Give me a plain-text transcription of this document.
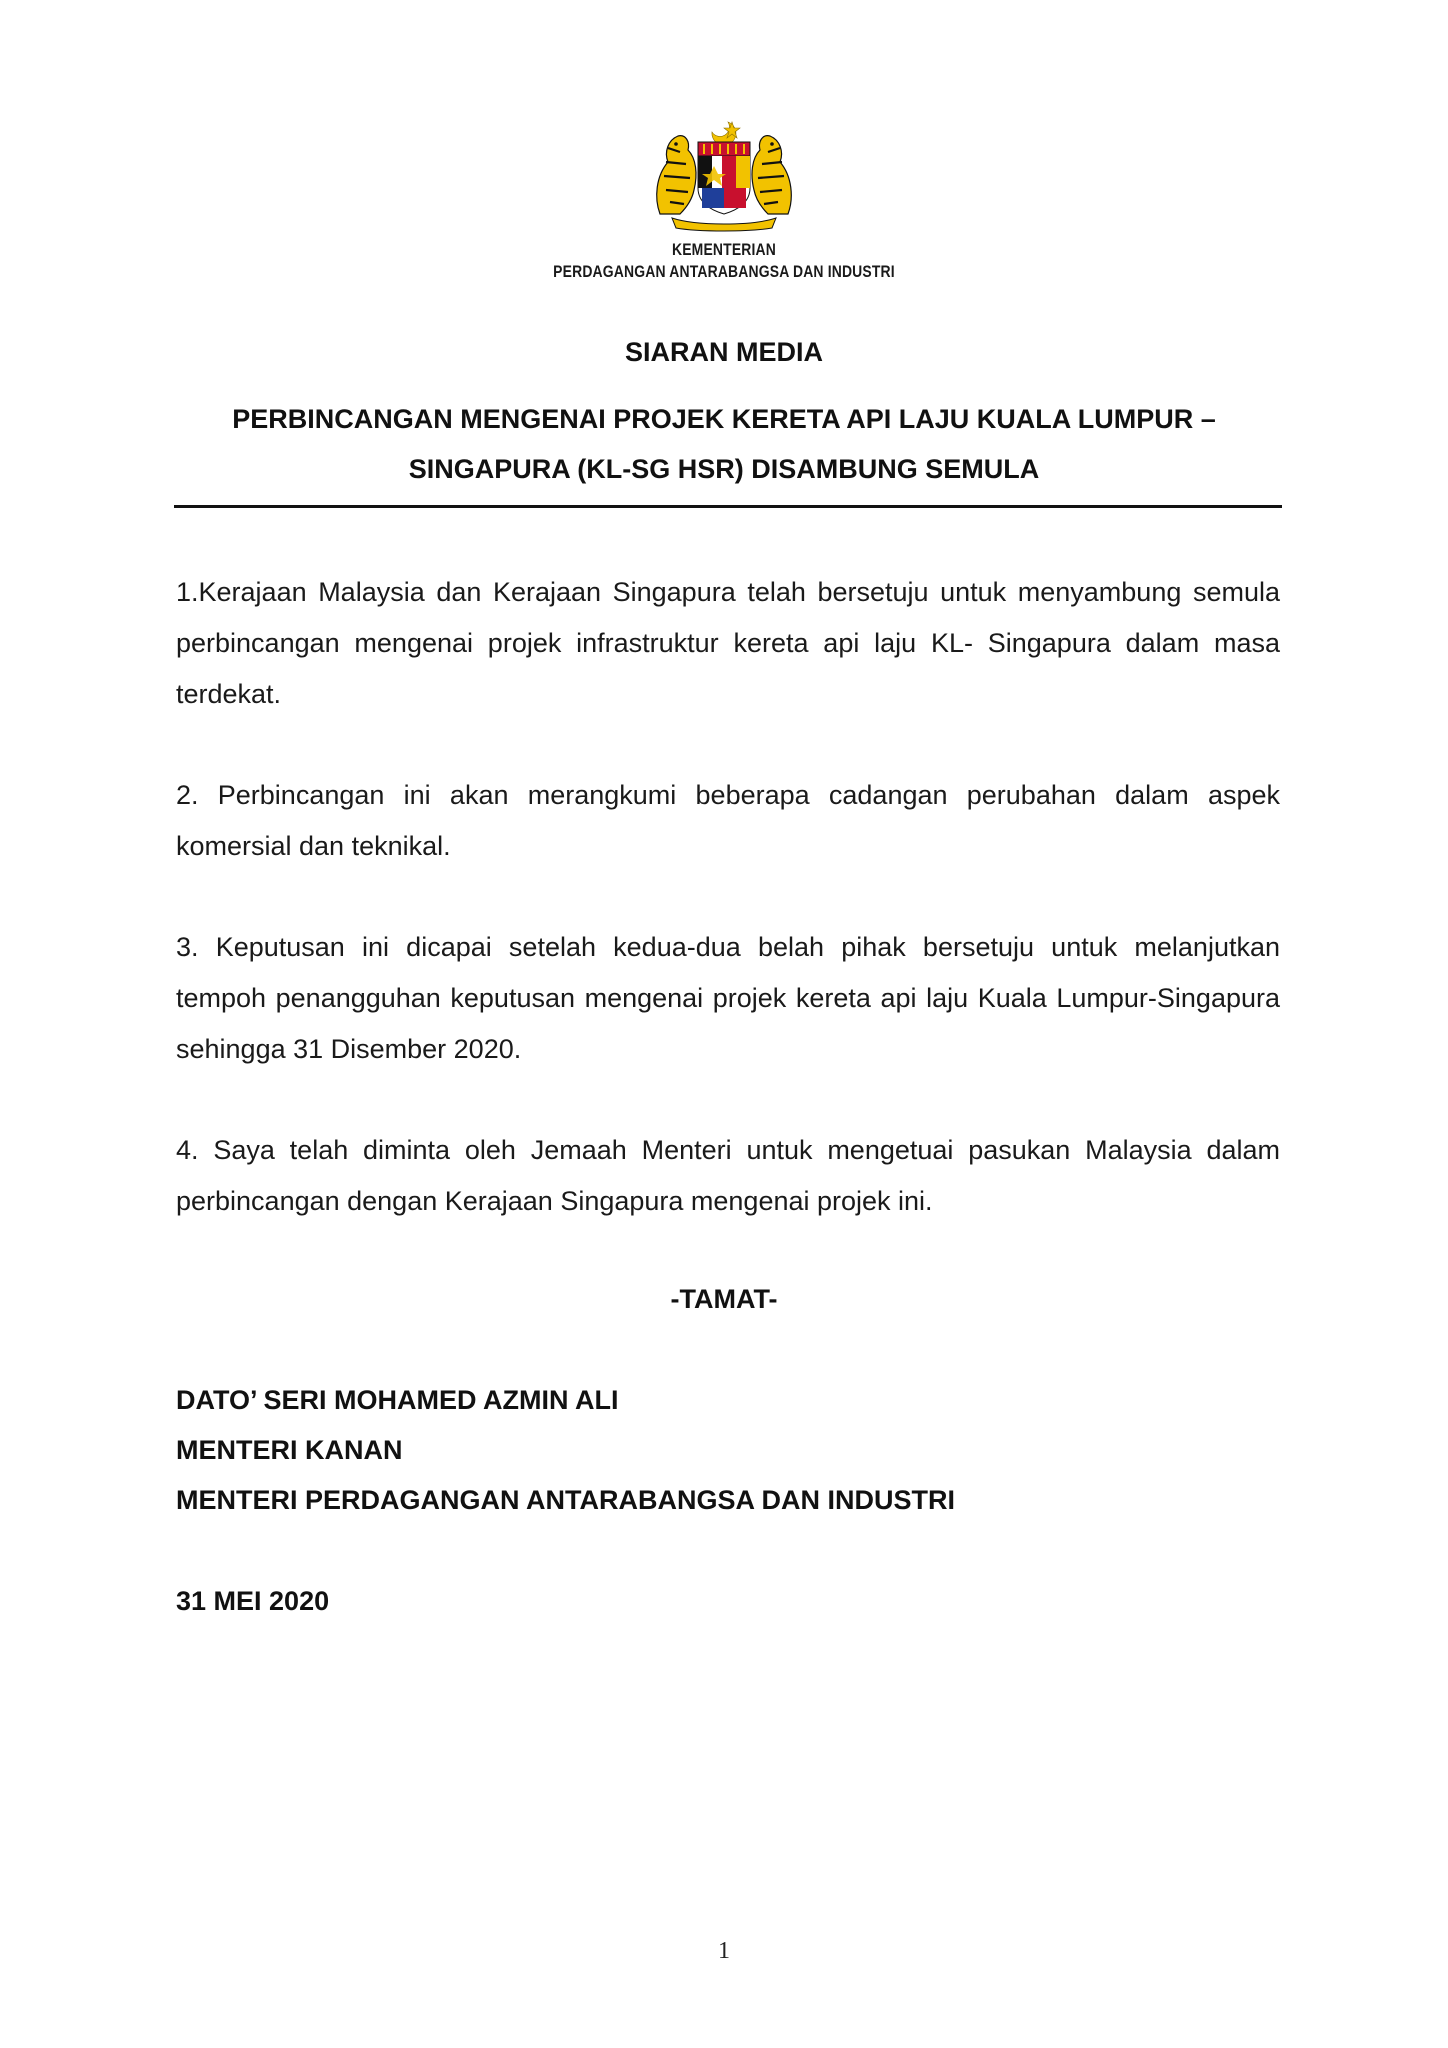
KEMENTERIAN
PERDAGANGAN ANTARABANGSA DAN INDUSTRI
SIARAN MEDIA
PERBINCANGAN MENGENAI PROJEK KERETA API LAJU KUALA LUMPUR –
SINGAPURA (KL-SG HSR) DISAMBUNG SEMULA

1.Kerajaan Malaysia dan Kerajaan Singapura telah bersetuju untuk menyambung semula perbincangan mengenai projek infrastruktur kereta api laju KL- Singapura dalam masa terdekat.

2. Perbincangan ini akan merangkumi beberapa cadangan perubahan dalam aspek komersial dan teknikal.

3. Keputusan ini dicapai setelah kedua-dua belah pihak bersetuju untuk melanjutkan tempoh penangguhan keputusan mengenai projek kereta api laju Kuala Lumpur-Singapura sehingga 31 Disember 2020.

4. Saya telah diminta oleh Jemaah Menteri untuk mengetuai pasukan Malaysia dalam perbincangan dengan Kerajaan Singapura mengenai projek ini.

-TAMAT-
DATO’ SERI MOHAMED AZMIN ALI
MENTERI KANAN
MENTERI PERDAGANGAN ANTARABANGSA DAN INDUSTRI
31 MEI 2020
1
